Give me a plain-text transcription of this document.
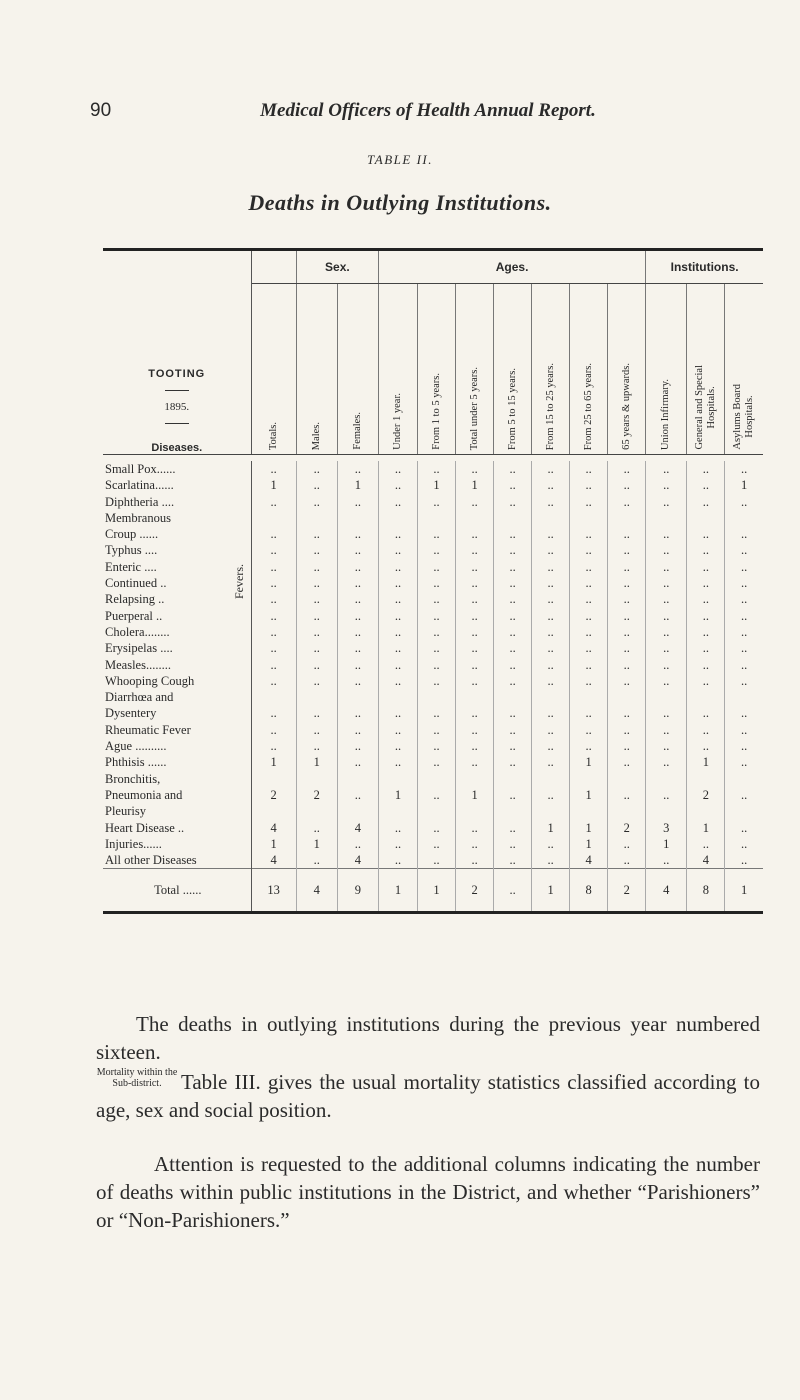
90	Medical Officers of Health Annual Report.
TABLE II.
Deaths in Outlying Institutions.
TOOTING
1895.
Diseases.			Sex.		Ages.							Institutions.		
		Totals.	Males.	Females.	Under 1 year.	From 1 to 5 years.	Total under 5 years.	From 5 to 15 years.	From 15 to 25 years.	From 25 to 65 years.	65 years & upwards.	Union Infirmary.	General and Special
Hospitals.	Asylums Board
Hospitals.

Small Pox......		..	..	..	..	..	..	..	..	..	..	..	..	..
Scarlatina......		1	..	1	..	1	1	..	..	..	..	..	..	1
Diphtheria ....		..	..	..	..	..	..	..	..	..	..	..	..	..
Membranous														
Croup ......		..	..	..	..	..	..	..	..	..	..	..	..	..
Typhus ....	Fevers.	..	..	..	..	..	..	..	..	..	..	..	..	..
Enteric ....		..	..	..	..	..	..	..	..	..	..	..	..	..
Continued ..		..	..	..	..	..	..	..	..	..	..	..	..	..
Relapsing ..		..	..	..	..	..	..	..	..	..	..	..	..	..
Puerperal ..		..	..	..	..	..	..	..	..	..	..	..	..	..
Cholera........		..	..	..	..	..	..	..	..	..	..	..	..	..
Erysipelas ....		..	..	..	..	..	..	..	..	..	..	..	..	..
Measles........		..	..	..	..	..	..	..	..	..	..	..	..	..
Whooping Cough		..	..	..	..	..	..	..	..	..	..	..	..	..
Diarrhœa and														
Dysentery		..	..	..	..	..	..	..	..	..	..	..	..	..
Rheumatic Fever		..	..	..	..	..	..	..	..	..	..	..	..	..
Ague ..........		..	..	..	..	..	..	..	..	..	..	..	..	..
Phthisis ......		1	1	..	..	..	..	..	..	1	..	..	1	..
Bronchitis,														
Pneumonia and		2	2	..	1	..	1	..	..	1	..	..	2	..
Pleurisy														
Heart Disease ..		4	..	4	..	..	..	..	1	1	2	3	1	..
Injuries......		1	1	..	..	..	..	..	..	1	..	1	..	..
All other Diseases		4	..	4	..	..	..	..	..	4	..	..	4	..
Total ......		13	4	9	1	1	2	..	1	8	2	4	8	1
The deaths in outlying institutions during the previous year numbered sixteen.
Mortality within the Sub-district. Table III. gives the usual mortality statistics classified according to age, sex and social position.
Attention is requested to the additional columns indicating the number of deaths within public institutions in the District, and whether “Parishioners” or “Non-Parishioners.”
